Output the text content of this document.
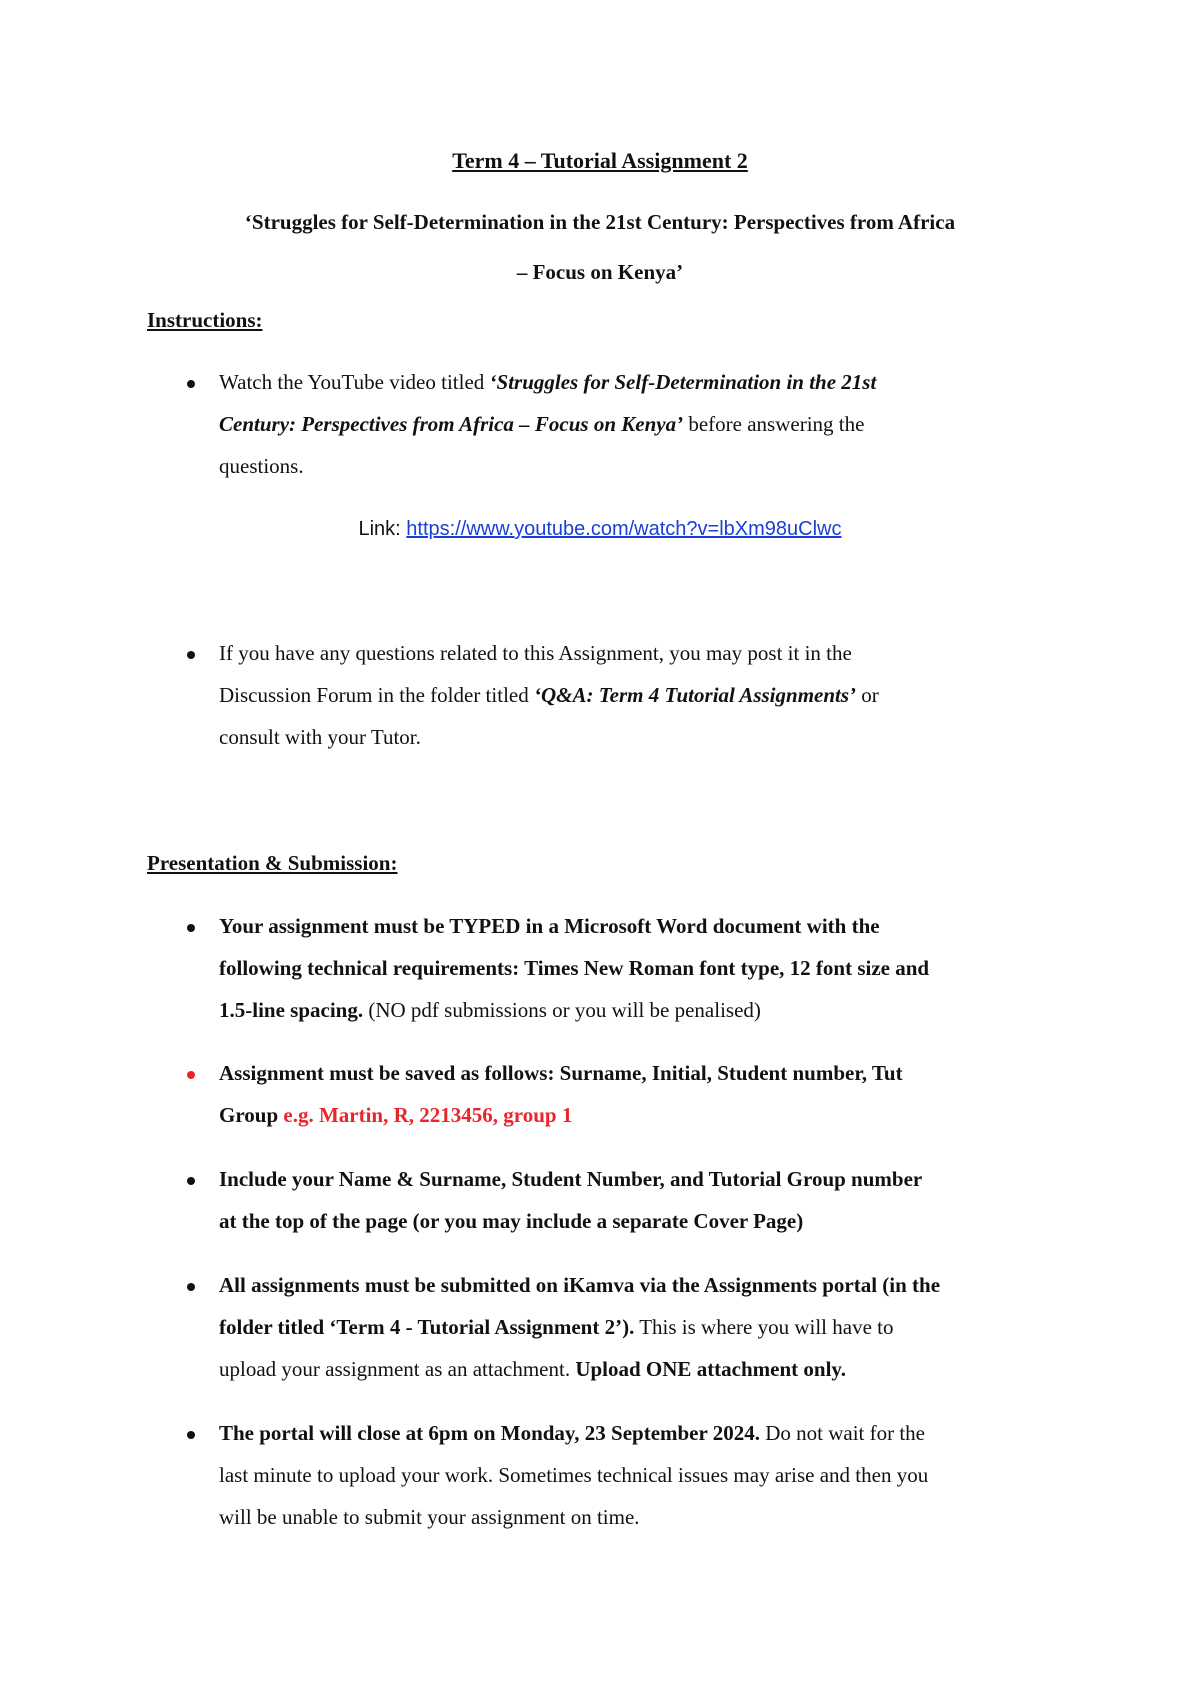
Term 4 – Tutorial Assignment 2
‘Struggles for Self-Determination in the 21st Century: Perspectives from Africa
– Focus on Kenya’
Instructions:
Watch the YouTube video titled ‘Struggles for Self-Determination in the 21st
Century: Perspectives from Africa – Focus on Kenya’ before answering the
questions.
Link: https://www.youtube.com/watch?v=lbXm98uClwc
If you have any questions related to this Assignment, you may post it in the
Discussion Forum in the folder titled ‘Q&A: Term 4 Tutorial Assignments’ or
consult with your Tutor.
Presentation & Submission:
Your assignment must be TYPED in a Microsoft Word document with the
following technical requirements: Times New Roman font type, 12 font size and
1.5-line spacing. (NO pdf submissions or you will be penalised)
Assignment must be saved as follows: Surname, Initial, Student number, Tut
Group e.g. Martin, R, 2213456, group 1
Include your Name & Surname, Student Number, and Tutorial Group number
at the top of the page (or you may include a separate Cover Page)
All assignments must be submitted on iKamva via the Assignments portal (in the
folder titled ‘Term 4 - Tutorial Assignment 2’). This is where you will have to
upload your assignment as an attachment. Upload ONE attachment only.
The portal will close at 6pm on Monday, 23 September 2024. Do not wait for the
last minute to upload your work. Sometimes technical issues may arise and then you
will be unable to submit your assignment on time.
